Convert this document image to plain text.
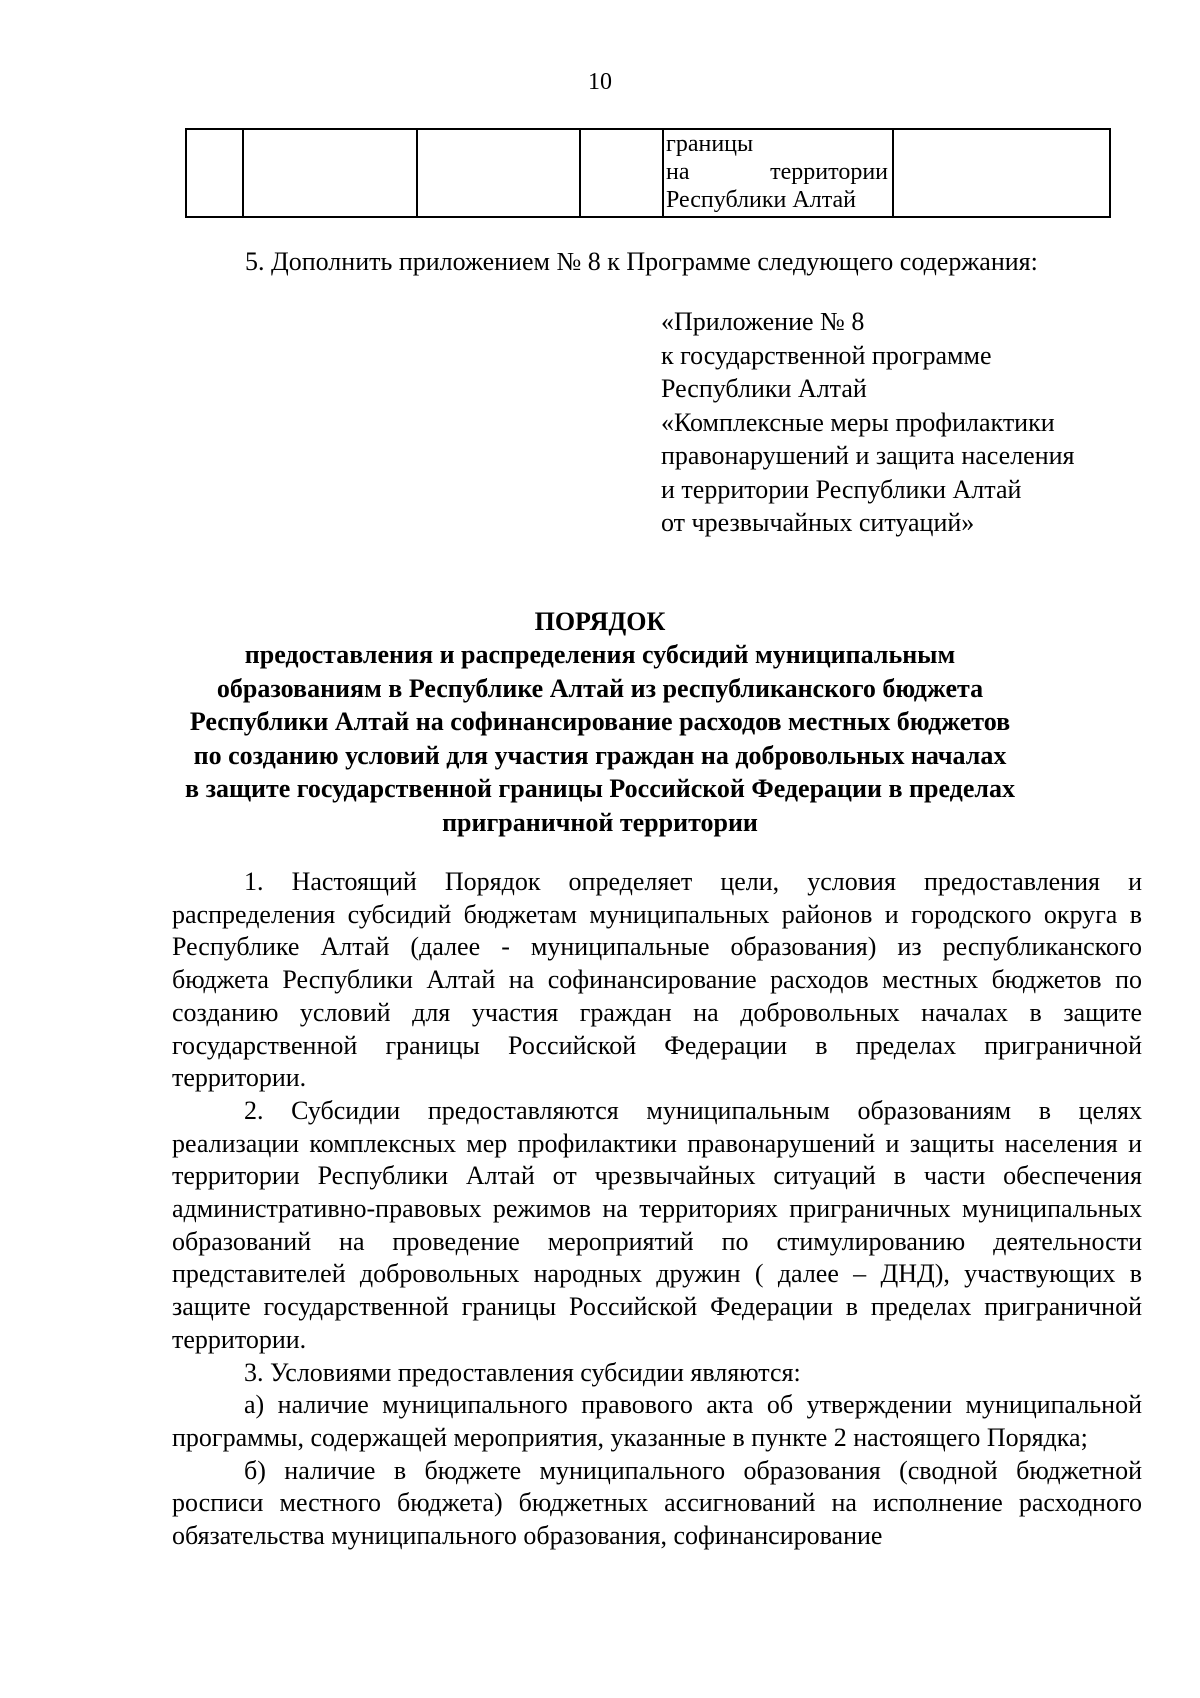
10

границы
на	территории
Республики Алтай

5. Дополнить приложением № 8 к Программе следующего содержания:
«Приложение № 8
к государственной программе
Республики Алтай
«Комплексные меры профилактики
правонарушений и защита населения
и территории Республики Алтай
от чрезвычайных ситуаций»
ПОРЯДОК
предоставления и распределения субсидий муниципальным
образованиям в Республике Алтай из республиканского бюджета
Республики Алтай на софинансирование расходов местных бюджетов
по созданию условий для участия граждан на добровольных началах
в защите государственной границы Российской Федерации в пределах
приграничной территории

1. Настоящий Порядок определяет цели, условия предоставления и распределения субсидий бюджетам муниципальных районов и городского округа в Республике Алтай (далее - муниципальные образования) из республиканского бюджета Республики Алтай на софинансирование расходов местных бюджетов по созданию условий для участия граждан на добровольных началах в защите государственной границы Российской Федерации в пределах приграничной территории.

2. Субсидии предоставляются муниципальным образованиям в целях реализации комплексных мер профилактики правонарушений и защиты населения и территории Республики Алтай от чрезвычайных ситуаций в части обеспечения административно-правовых режимов на территориях приграничных муниципальных образований на проведение мероприятий по стимулированию деятельности представителей добровольных народных дружин ( далее – ДНД), участвующих в защите государственной границы Российской Федерации в пределах приграничной территории.

3. Условиями предоставления субсидии являются:

а) наличие муниципального правового акта об утверждении муниципальной программы, содержащей мероприятия, указанные в пункте 2 настоящего Порядка;

б) наличие в бюджете муниципального образования (сводной бюджетной росписи местного бюджета) бюджетных ассигнований на исполнение расходного обязательства муниципального образования, софинансирование
